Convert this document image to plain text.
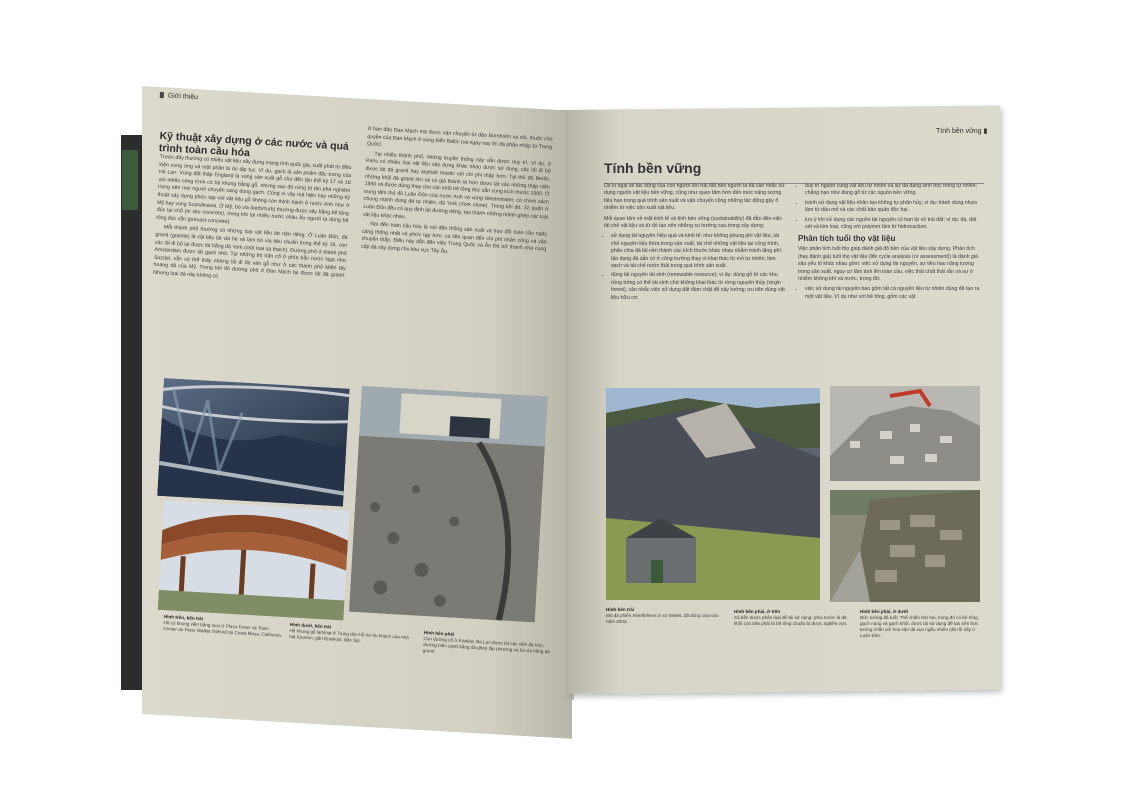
Giới thiệu
Kỹ thuật xây dựng ở các nước và quá trình toàn cầu hóa

Trước đây thường có nhiều vật liệu xây dựng mang tính quốc gia, xuất phát từ điều kiện cung ứng và một phần là do tập tục. Ví dụ, gạch là sản phẩm đặc trưng của Hà Lan. Vùng đất thấp England là vùng sản xuất gỗ cho đến tận thế kỷ 17 và 18 với nhiều công trình có hệ khung bằng gỗ, nhưng sau đó rừng bị tàn phá nghiêm trọng nên mọi người chuyển sang dùng gạch. Cũng vì vậy mà hiện nay những kỹ thuật xây dựng phức tạp với vật liệu gỗ không còn thịnh hành ở nước Anh như ở Mỹ hay vùng Scandinavia. Ở Mỹ, bó vỉa (kerb/curb) thường được xây bằng bê tông đúc tại chỗ (in situ concrete), trong khi tại nhiều nước châu Âu người ta dùng bê tông đúc sẵn (precast concrete).

Mỗi thành phố thường có những loại vật liệu lát nền riêng. Ở Luân Đôn, đá granit (granite) là vật liệu lát vỉa hè và làm bó vỉa tiêu chuẩn trong thế kỷ 19, còn các lối đi bộ lại được lát bằng đá York (một loại sa thạch). Đường phố ở thành phố Amsterdam được lát gạch nhỏ. Tại những thị trấn cổ ở phía bắc nước Nga như Suzdal, vẫn có thể thấy những lối đi lát ván gỗ như ở các thành phố Miền tây hoang dã của Mỹ. Trong khi đó đường phố ở Đan Mạch lại được lát đá granit. Nhưng loại đá này không có

ở bán đảo Đan Mạch mà được vận chuyển từ đảo Bornholm xa xôi, thuộc chủ quyền của Đan Mạch ở vùng biển Baltic (và ngày nay thì đá phần nhập từ Trung Quốc).

Tại nhiều thành phố, những truyền thống này vẫn được duy trì. Ví dụ, ở Paris có nhiều loại vật liệu xây dựng khác nhau được sử dụng, các lối đi bộ được lát đá granit hay asphalt mastic với chi phí thấp hơn. Tại thủ đô Berlin, những khối đá granit lớn và có giá thành rẻ hơn được lát vào những thập niên 1950 và được dùng thay cho các khối bê tông đúc sẵn cùng kích thước 1960. Ở trung tâm thủ đô Luân Đôn của nước Anh và vùng Westminster, có chính sách chung mạnh dùng đá tự nhiên, đá York (York stone). Trong khi đó, 32 quận ở Luân Đôn đều có quy định lát đường riêng, tạo thành những mảnh ghép các loại vật liệu khác nhau.

Nói đến toàn cầu hóa là nói đến thống sản xuất và trao đổi toàn cầu ngày càng thống nhất và phức tạp hơn, có liên quan đến chi phí nhân công và vận chuyển thấp. Điều này dẫn đến việc Trung Quốc và Ấn Độ trở thành nhà cung cấp đá xây dựng cho khu vực Tây Âu.

Hình trên, bên trái
Hồ cỏ khung viền bằng inox ở Plaza Tower và Town Center do Peter Walker thiết kế tại Costa Mesa, California.
Hình dưới, bên trái
Hệ khung gỗ laminat ở Trung tâm hỗ trợ du khách của nhà hát Kourion, gần Episkopi, đảo Síp.
Hình bên phải
Con đường cổ ở Kraków, Ba Lan được lát các viên đá tròn, đường biên cạnh bằng đá ghép lập phương và bó vỉa bằng đá granit.
Tính bền vững ▮
Tính bền vững

Do lo ngại về tác động của con người lên trái đất nên người ta đã cân nhắc sử dụng nguồn vật liệu bền vững, cũng như quan tâm hơn đến mức năng lượng tiêu hao trong quá trình sản xuất và vận chuyển cũng những tác động gây ô nhiễm từ việc sản xuất vật liệu.

Mối quan tâm về mặt kinh tế và tính bền vững (sustainability) đã dẫn đến việc tái chế vật liệu và từ đó tạo nên những xu hướng sau trong xây dựng:

• sử dụng tài nguyên hiệu quả và kinh tế; như không phung phí vật liệu, tái chế nguyên liệu thừa trong sản xuất, tái chế những vật liệu tại công trình, phân chia đá lát nền thành các kích thước khác nhau nhằm tránh lãng phí; tận dụng đá sẵn có ở công trường thay vì khai thác từ mỏ tự nhiên; làm sạch và tái chế nước thải trong quá trình sản xuất.
• dùng tài nguyên tái sinh (renewable resource); ví dụ: dùng gỗ từ các khu rừng trồng có thể tái sinh chứ không khai thác từ rừng nguyên thủy (virgin forest), cân nhắc việc sử dụng đất đầm chặt để xây tường; ưu tiên dùng vật liệu hữu cơ.
• duy trì nguồn cung vật liệu tự nhiên và sự đa dạng sinh học trong tự nhiên; chẳng hạn như dùng gỗ từ các nguồn bền vững.
• tránh sử dụng vật liệu nhân tạo không tự phân hủy; ví dụ: tránh dùng nhựa làm từ dầu mỏ và các chất bảo quản độc hại.
• lưu ý khi sử dụng các nguồn tài nguyên có hạn từ vỏ trái đất; ví dụ: đá, đất sét và kim loại, cũng với polymer làm từ hidrocacbon.
Phân tích tuổi thọ vật liệu

Việc phân tích tuổi thọ giúp đánh giá độ bền của vật liệu xây dựng. Phân tích (hay đánh giá) tuổi thọ vật liệu (life cycle analysis (or assessment)) là đánh giá sâu yếu tố khác nhau gồm: việc sử dụng tài nguyên, sự tiêu hao năng lượng trong sản xuất, nguy cơ lâm ảnh lên toàn cầu, việc thải chất thải rắn và sự ô nhiễm không khí và nước, trong đó:

• việc sử dụng tài nguyên bao gồm tất cả nguyên liệu tự nhiên dùng để tạo ra một vật liệu. Ví dụ như với bê tông, gồm các vật
Hình bên trái
Mỏ đá phiến Aberllefenni ở xứ Wales, đã đóng cửa vào năm 2003.
Hình bên phải, ở trên
Xà bền được phân loại để tái sử dụng: phía trước là đá khối còn bên phải là bê tông chuẩn bị được nghiền vụn.
Hình bên phải, ở dưới
Bức tường đá tuốc Thế chiến thứ hai, trong đó có bê tông, gạch nung và gạch khối, được tái sử dụng để tạo nên bức tường chắn với hoa văn đá vụn ngẫu nhiên (đá rối nấy ở Luân Đôn.
